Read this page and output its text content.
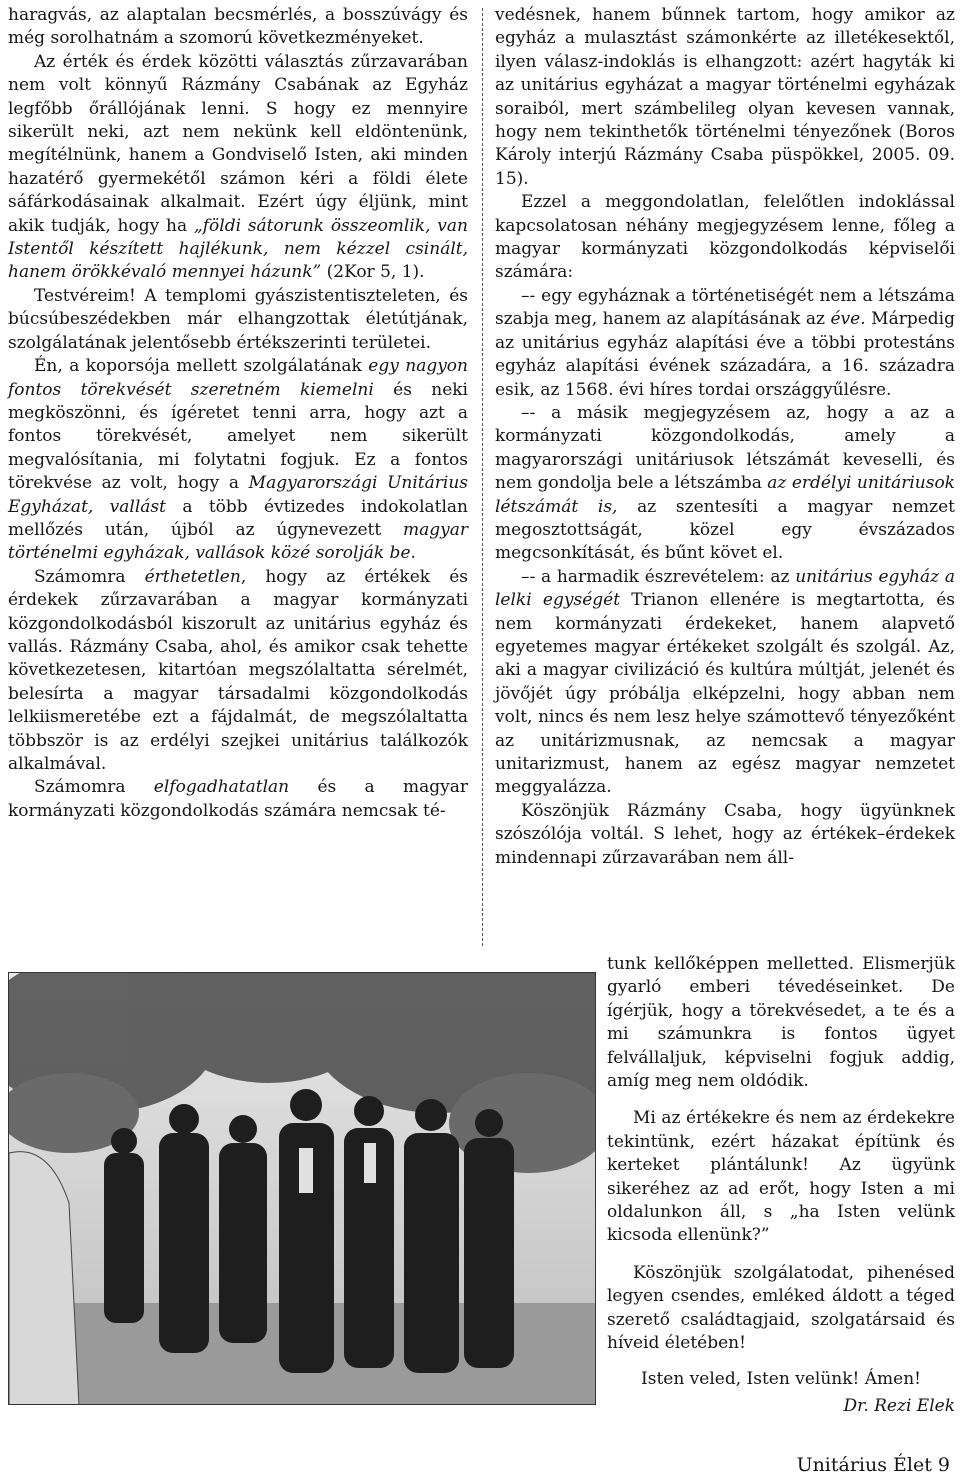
haragvás, az alaptalan becsmérlés, a bosszúvágy és még sorolhatnám a szomorú következményeket.

Az érték és érdek közötti választás zűrzavarában nem volt könnyű Rázmány Csabának az Egyház legfőbb őrállójának lenni. S hogy ez mennyire sikerült neki, azt nem nekünk kell eldöntenünk, megítélnünk, hanem a Gondviselő Isten, aki minden hazatérő gyermekétől számon kéri a földi élete sáfárkodásainak alkalmait. Ezért úgy éljünk, mint akik tudják, hogy ha „földi sátorunk összeomlik, van Istentől készített hajlékunk, nem kézzel csinált, hanem örökkévaló mennyei házunk” (2Kor 5, 1).

Testvéreim! A templomi gyászistentiszteleten, és búcsúbeszédekben már elhangzottak életútjának, szolgálatának jelentősebb értékszerinti területei.

Én, a koporsója mellett szolgálatának egy nagyon fontos törekvését szeretném kiemelni és neki megköszönni, és ígéretet tenni arra, hogy azt a fontos törekvését, amelyet nem sikerült megvalósítania, mi folytatni fogjuk. Ez a fontos törekvése az volt, hogy a Magyarországi Unitárius Egyházat, vallást a több évtizedes indokolatlan mellőzés után, újból az úgynevezett magyar történelmi egyházak, vallások közé sorolják be.

Számomra érthetetlen, hogy az értékek és érdekek zűrzavarában a magyar kormányzati közgondolkodásból kiszorult az unitárius egyház és vallás. Rázmány Csaba, ahol, és amikor csak tehette következetesen, kitartóan megszólaltatta sérelmét, belesírta a magyar társadalmi közgondolkodás lelkiismeretébe ezt a fájdalmát, de megszólaltatta többször is az erdélyi szejkei unitárius találkozók alkalmával.

Számomra elfogadhatatlan és a magyar kormányzati közgondolkodás számára nemcsak té-

vedésnek, hanem bűnnek tartom, hogy amikor az egyház a mulasztást számonkérte az illetékesektől, ilyen válasz-indoklás is elhangzott: azért hagyták ki az unitárius egyházat a magyar történelmi egyházak soraiból, mert számbelileg olyan kevesen vannak, hogy nem tekinthetők történelmi tényezőnek (Boros Károly interjú Rázmány Csaba püspökkel, 2005. 09. 15).

Ezzel a meggondolatlan, felelőtlen indoklással kapcsolatosan néhány megjegyzésem lenne, főleg a magyar kormányzati közgondolkodás képviselői számára:

–- egy egyháznak a történetiségét nem a létszáma szabja meg, hanem az alapításának az éve. Márpedig az unitárius egyház alapítási éve a többi protestáns egyház alapítási évének századára, a 16. századra esik, az 1568. évi híres tordai országgyűlésre.

–- a másik megjegyzésem az, hogy a az a kormányzati közgondolkodás, amely a magyarországi unitáriusok létszámát keveselli, és nem gondolja bele a létszámba az erdélyi unitáriusok létszámát is, az szentesíti a magyar nemzet megosztottságát, közel egy évszázados megcsonkítását, és bűnt követ el.

–- a harmadik észrevételem: az unitárius egyház a lelki egységét Trianon ellenére is megtartotta, és nem kormányzati érdekeket, hanem alapvető egyetemes magyar értékeket szolgált és szolgál. Az, aki a magyar civilizáció és kultúra múltját, jelenét és jövőjét úgy próbálja elképzelni, hogy abban nem volt, nincs és nem lesz helye számottevő tényezőként az unitárizmusnak, az nemcsak a magyar unitarizmust, hanem az egész magyar nemzetet meggyalázza.

Köszönjük Rázmány Csaba, hogy ügyünknek szószólója voltál. S lehet, hogy az értékek–érdekek mindennapi zűrzavarában nem áll-

tunk kellőképpen melletted. Elismerjük gyarló emberi tévedéseinket. De ígérjük, hogy a törekvésedet, a te és a mi számunkra is fontos ügyet felvállaljuk, képviselni fogjuk addig, amíg meg nem oldódik.

Mi az értékekre és nem az érdekekre tekintünk, ezért házakat építünk és kerteket plántálunk! Az ügyünk sikeréhez az ad erőt, hogy Isten a mi oldalunkon áll, s „ha Isten velünk kicsoda ellenünk?”

Köszönjük szolgálatodat, pihenésed legyen csendes, emléked áldott a téged szerető családtagjaid, szolgatársaid és híveid életében!

Isten veled, Isten velünk! Ámen!

Dr. Rezi Elek

Unitárius Élet 9
